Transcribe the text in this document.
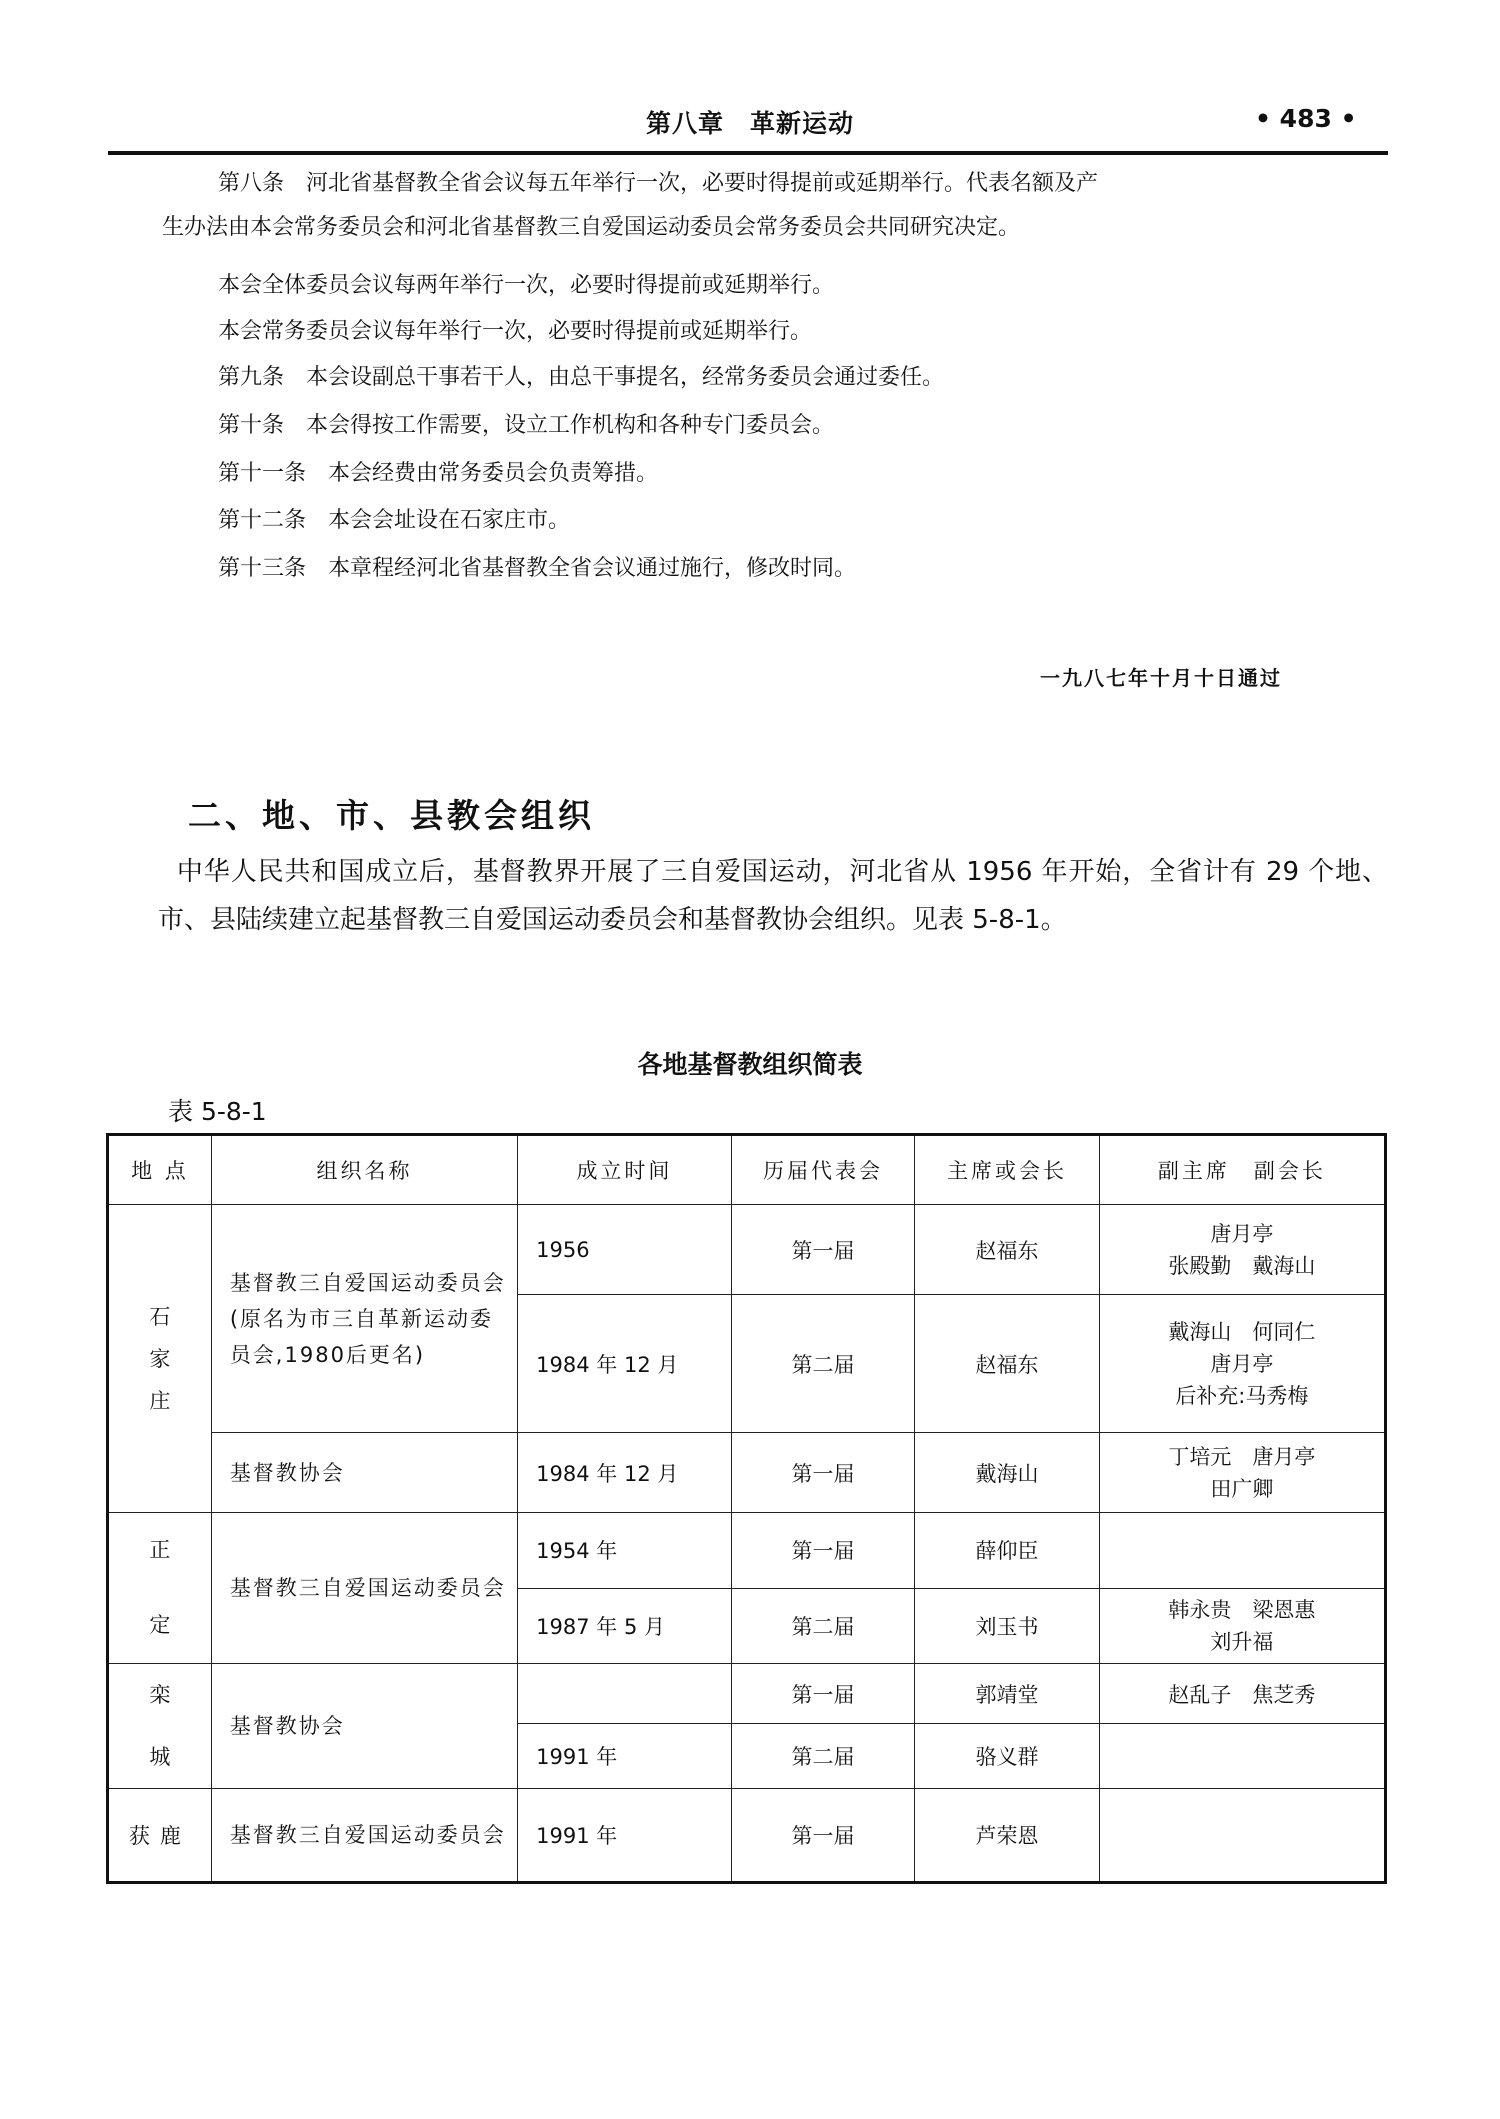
第八章　革新运动	• 483 •
第八条　河北省基督教全省会议每五年举行一次，必要时得提前或延期举行。代表名额及产
生办法由本会常务委员会和河北省基督教三自爱国运动委员会常务委员会共同研究决定。
本会全体委员会议每两年举行一次，必要时得提前或延期举行。
本会常务委员会议每年举行一次，必要时得提前或延期举行。
第九条　本会设副总干事若干人，由总干事提名，经常务委员会通过委任。
第十条　本会得按工作需要，设立工作机构和各种专门委员会。
第十一条　本会经费由常务委员会负责筹措。
第十二条　本会会址设在石家庄市。
第十三条　本章程经河北省基督教全省会议通过施行，修改时同。
一九八七年十月十日通过
二、地、市、县教会组织
中华人民共和国成立后，基督教界开展了三自爱国运动，河北省从 1956 年开始，全省计有 29 个地、市、县陆续建立起基督教三自爱国运动委员会和基督教协会组织。见表 5-8-1。
各地基督教组织简表
表 5-8-1
地 点	组织名称	成立时间	历届代表会	主席或会长	副主席　副会长

石家庄	基督教三自爱国运动委员会(原名为市三自革新运动委员会,1980后更名)	1956	第一届	赵福东	唐月亭
张殿勤　戴海山

		1984 年 12 月	第二届	赵福东	戴海山　何同仁
唐月亭
后补充:马秀梅

	基督教协会	1984 年 12 月	第一届	戴海山	丁培元　唐月亭
田广卿

正定	基督教三自爱国运动委员会	1954 年	第一届	薛仰臣	
		1987 年 5 月	第二届	刘玉书	韩永贵　梁恩惠
刘升福

栾城	基督教协会		第一届	郭靖堂	赵乱子　焦芝秀
		1991 年	第二届	骆义群	
获鹿	基督教三自爱国运动委员会	1991 年	第一届	芦荣恩	
